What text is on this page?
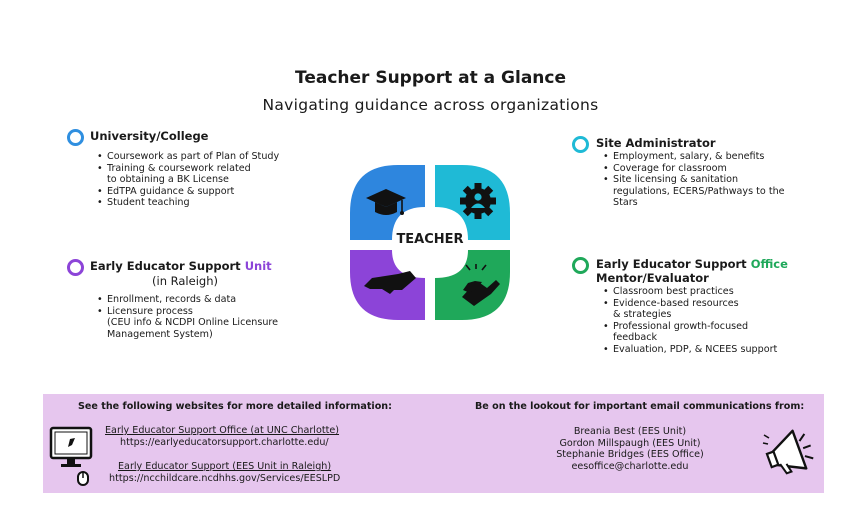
Teacher Support at a Glance
Navigating guidance across organizations
University/College
• Coursework as part of Plan of Study
• Training & coursework related
to obtaining a BK License
• EdTPA guidance & support
• Student teaching
Early Educator Support Unit
(in Raleigh)
• Enrollment, records & data
• Licensure process
(CEU info & NCDPI Online Licensure
Management System)
Site Administrator
• Employment, salary, & benefits
• Coverage for classroom
• Site licensing & sanitation
regulations, ECERS/Pathways to the
Stars
Early Educator Support Office
Mentor/Evaluator
• Classroom best practices
• Evidence-based resources
& strategies
• Professional growth-focused
feedback
• Evaluation, PDP, & NCEES support
TEACHER
See the following websites for more detailed information:
Early Educator Support Office (at UNC Charlotte)
https://earlyeducatorsupport.charlotte.edu/
Early Educator Support (EES Unit in Raleigh)
https://ncchildcare.ncdhhs.gov/Services/EESLPD
Be on the lookout for important email communications from:
Breania Best (EES Unit)
Gordon Millspaugh (EES Unit)
Stephanie Bridges (EES Office)
eesoffice@charlotte.edu
